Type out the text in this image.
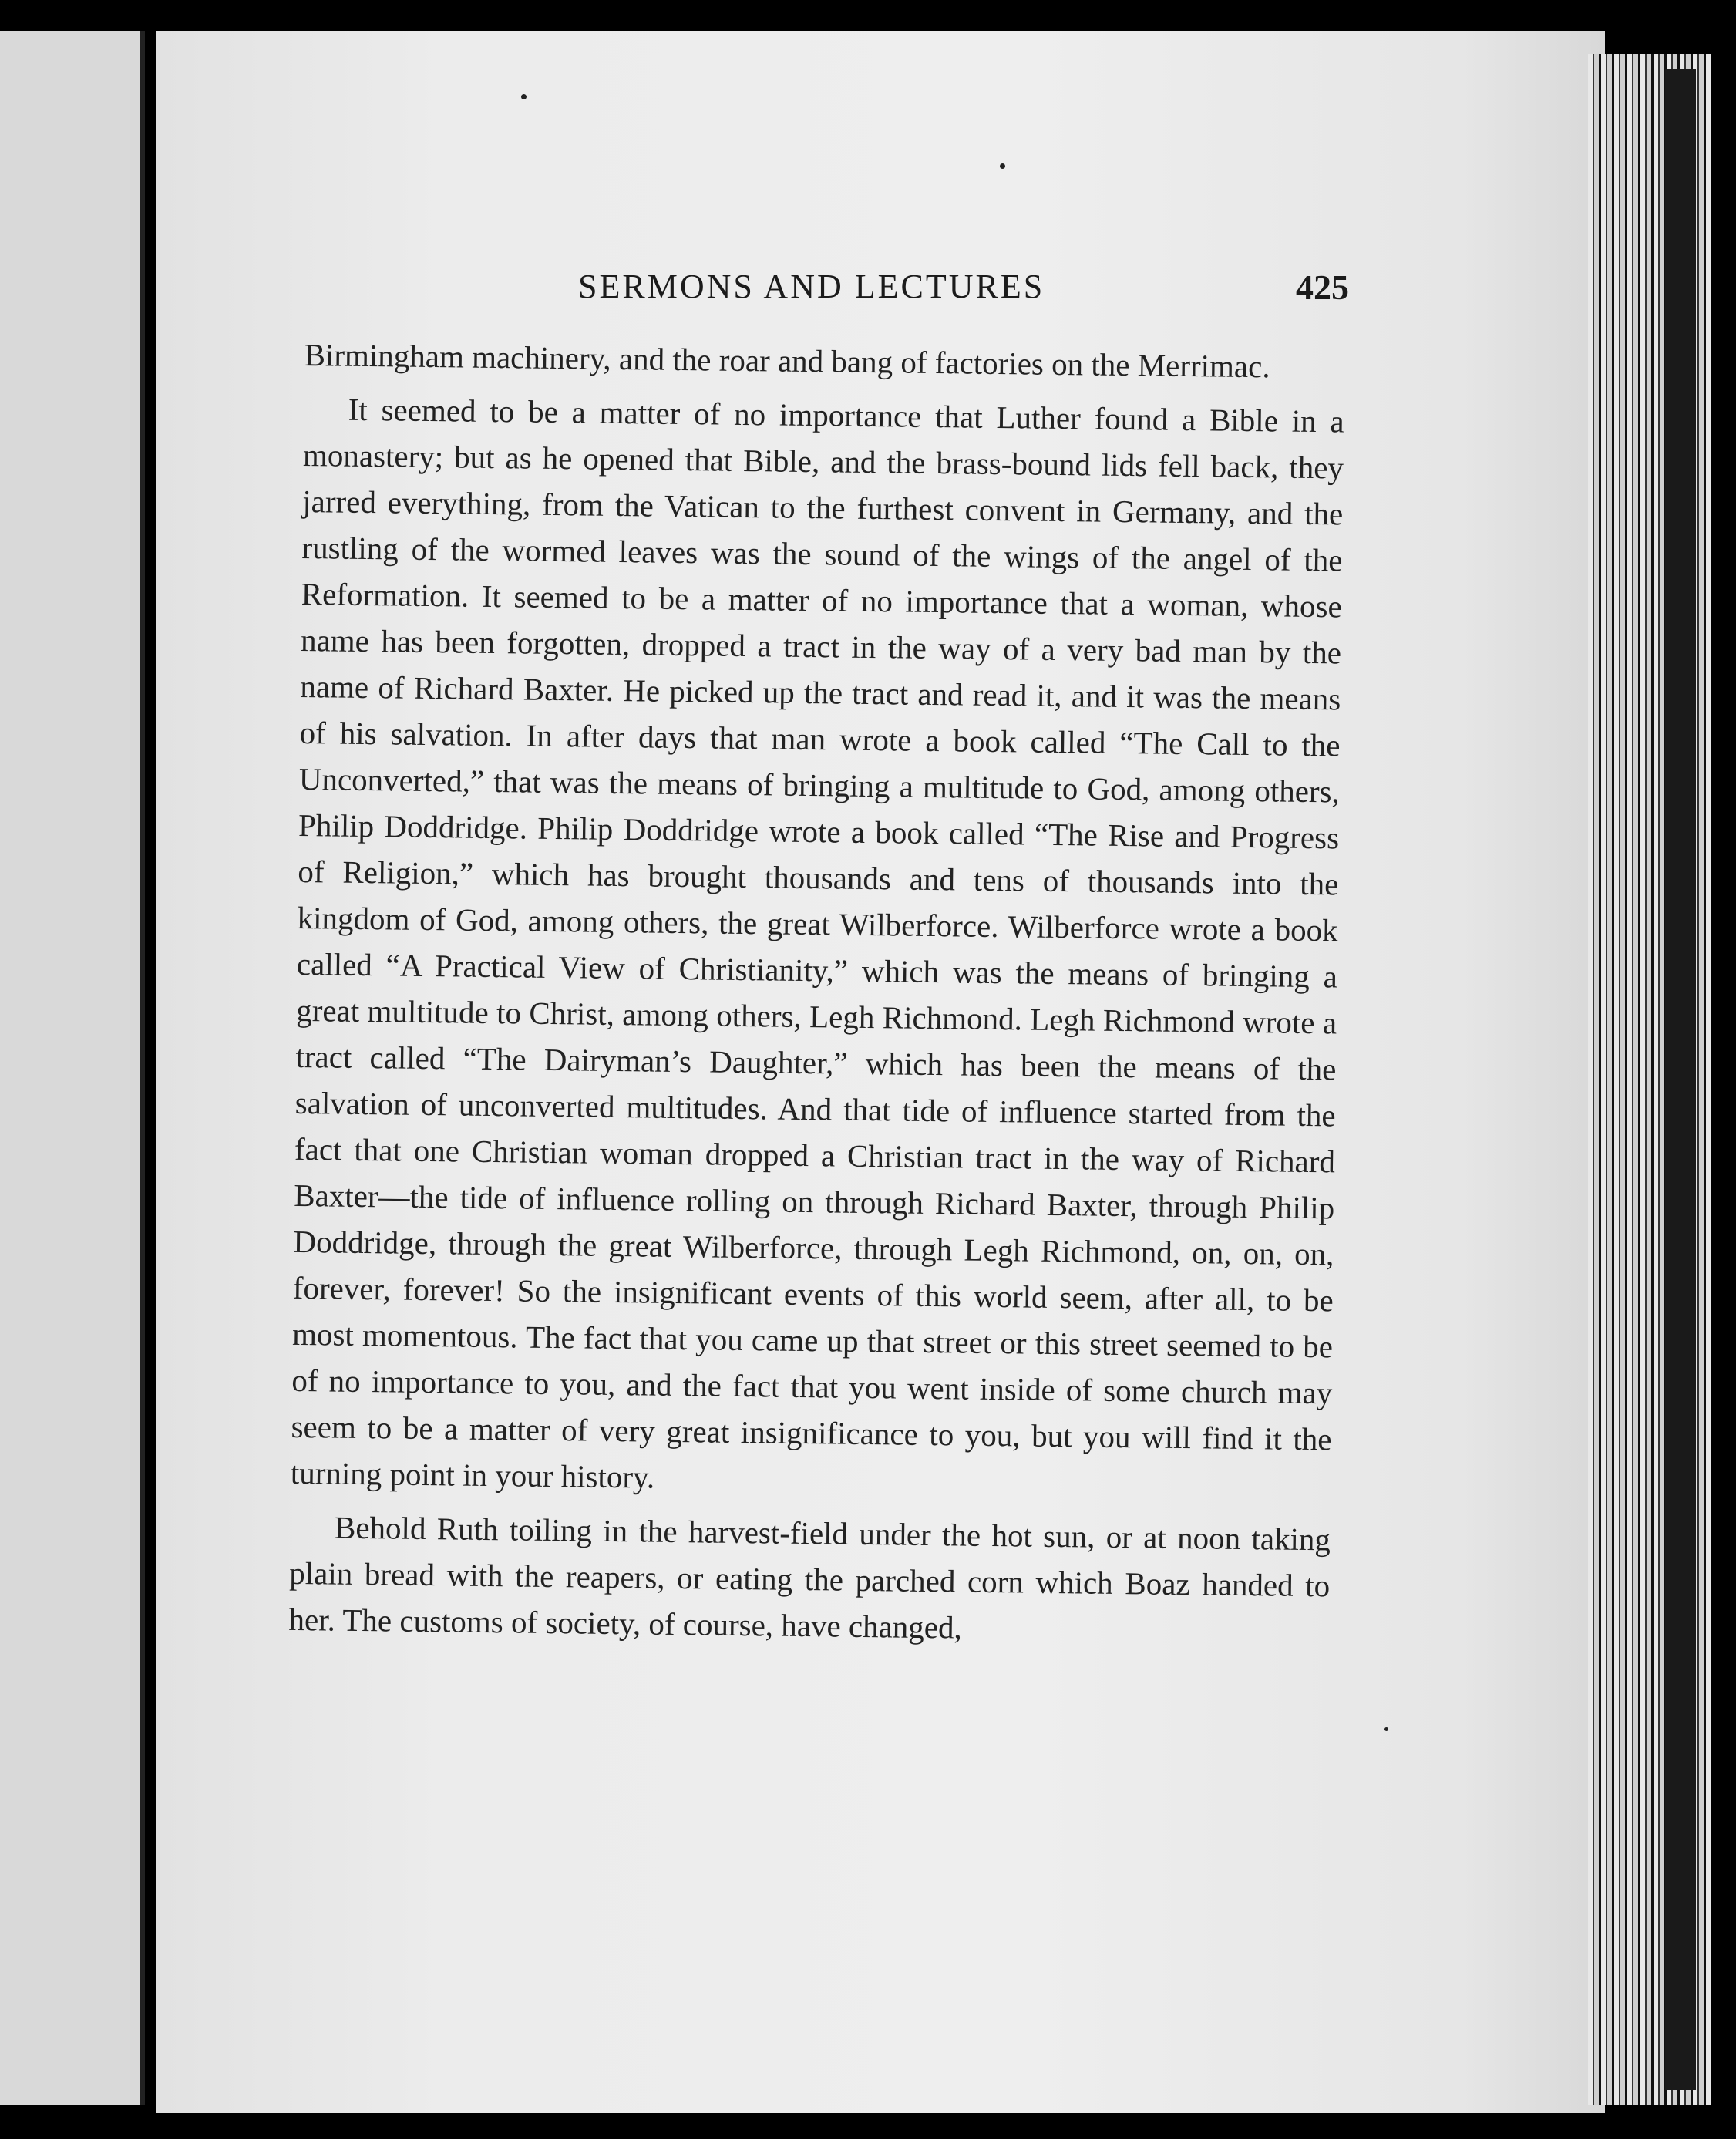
SERMONS AND LECTURES	425

Birmingham machinery, and the roar and bang of factories on the Merrimac.

It seemed to be a matter of no importance that Luther found a Bible in a monastery; but as he opened that Bible, and the brass-bound lids fell back, they jarred everything, from the Vatican to the furthest convent in Germany, and the rustling of the wormed leaves was the sound of the wings of the angel of the Reformation. It seemed to be a matter of no importance that a woman, whose name has been forgotten, dropped a tract in the way of a very bad man by the name of Richard Baxter. He picked up the tract and read it, and it was the means of his salvation. In after days that man wrote a book called “The Call to the Unconverted,” that was the means of bringing a multitude to God, among others, Philip Doddridge. Philip Doddridge wrote a book called “The Rise and Progress of Religion,” which has brought thousands and tens of thousands into the kingdom of God, among others, the great Wilberforce. Wilberforce wrote a book called “A Practical View of Christianity,” which was the means of bringing a great multitude to Christ, among others, Legh Richmond. Legh Richmond wrote a tract called “The Dairyman’s Daughter,” which has been the means of the salvation of unconverted multitudes. And that tide of influence started from the fact that one Christian woman dropped a Christian tract in the way of Richard Baxter—the tide of influence rolling on through Richard Baxter, through Philip Doddridge, through the great Wilberforce, through Legh Richmond, on, on, on, forever, forever! So the insignificant events of this world seem, after all, to be most momentous. The fact that you came up that street or this street seemed to be of no importance to you, and the fact that you went inside of some church may seem to be a matter of very great insignificance to you, but you will find it the turning point in your history.

Behold Ruth toiling in the harvest-field under the hot sun, or at noon taking plain bread with the reapers, or eating the parched corn which Boaz handed to her. The customs of society, of course, have changed,
